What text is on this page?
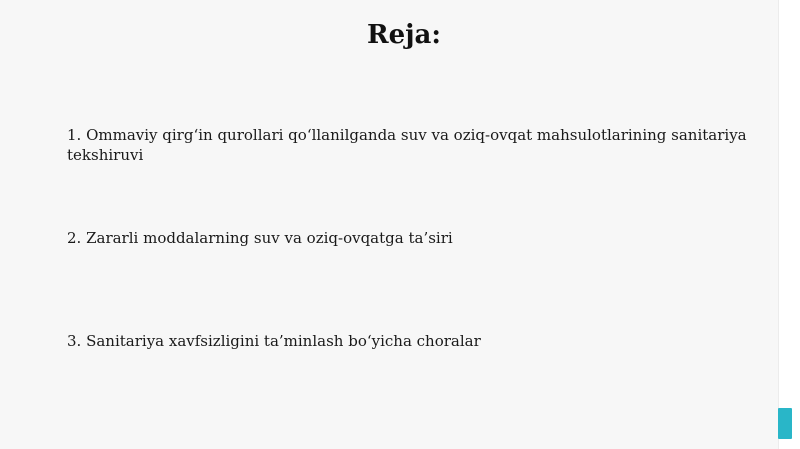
Reja:

1. Ommaviy qirg‘in qurollari qo‘llanilganda suv va oziq-ovqat mahsulotlarining sanitariya tekshiruvi

2. Zararli moddalarning suv va oziq-ovqatga ta’siri

3. Sanitariya xavfsizligini ta’minlash bo‘yicha choralar
